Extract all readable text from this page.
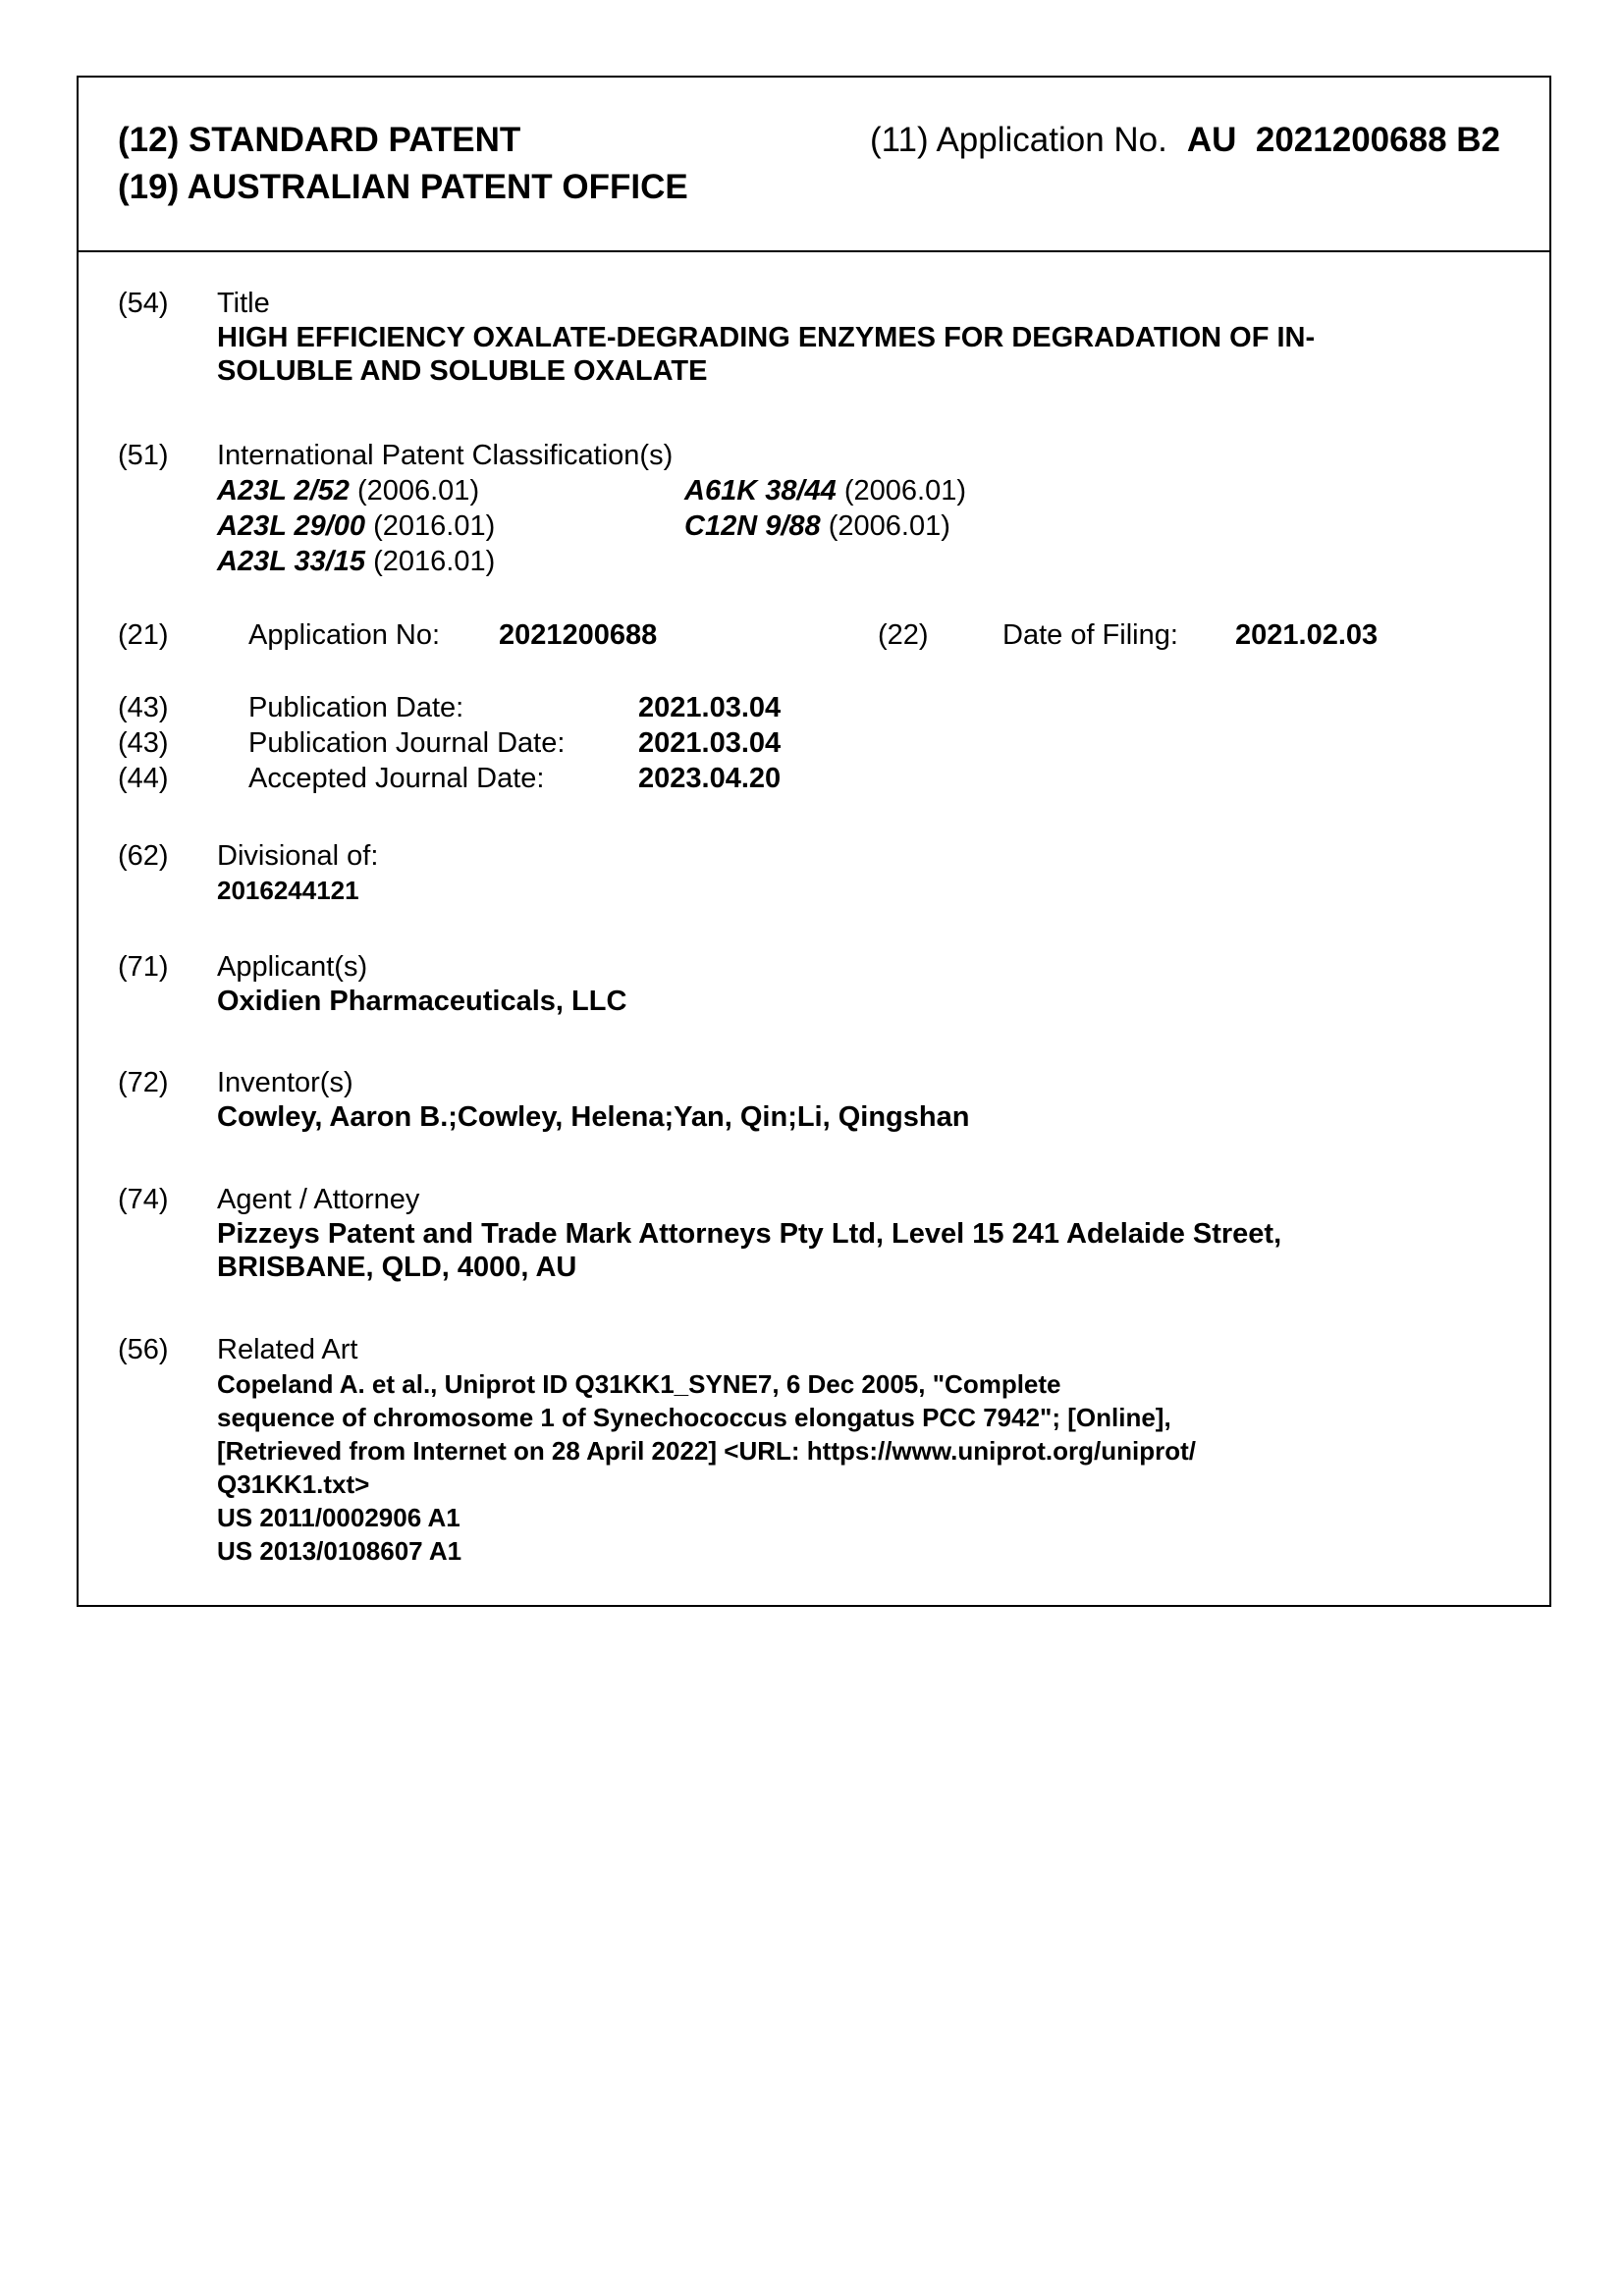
(12) STANDARD PATENT
(19) AUSTRALIAN PATENT OFFICE
(11) Application No. AU  2021200688 B2
(54) Title
HIGH EFFICIENCY OXALATE-DEGRADING ENZYMES FOR DEGRADATION OF IN-
SOLUBLE AND SOLUBLE OXALATE
(51) International Patent Classification(s)
A23L 2/52 (2006.01)	A61K 38/44 (2006.01)
A23L 29/00 (2016.01)	C12N 9/88 (2006.01)
A23L 33/15 (2016.01)
(21)	Application No: 2021200688	(22)	Date of Filing: 2021.02.03
(43)	Publication Date:	2021.03.04
(43)	Publication Journal Date:	2021.03.04
(44)	Accepted Journal Date:	2023.04.20
(62) Divisional of:
2016244121
(71) Applicant(s)
Oxidien Pharmaceuticals, LLC
(72) Inventor(s)
Cowley, Aaron B.;Cowley, Helena;Yan, Qin;Li, Qingshan
(74) Agent / Attorney
Pizzeys Patent and Trade Mark Attorneys Pty Ltd, Level 15 241 Adelaide Street,
BRISBANE, QLD, 4000, AU
(56) Related Art
Copeland A. et al., Uniprot ID Q31KK1_SYNE7, 6 Dec 2005, "Complete
sequence of chromosome 1 of Synechococcus elongatus PCC 7942"; [Online],
[Retrieved from Internet on 28 April 2022] <URL: https://www.uniprot.org/uniprot/
Q31KK1.txt>
US 2011/0002906 A1
US 2013/0108607 A1
